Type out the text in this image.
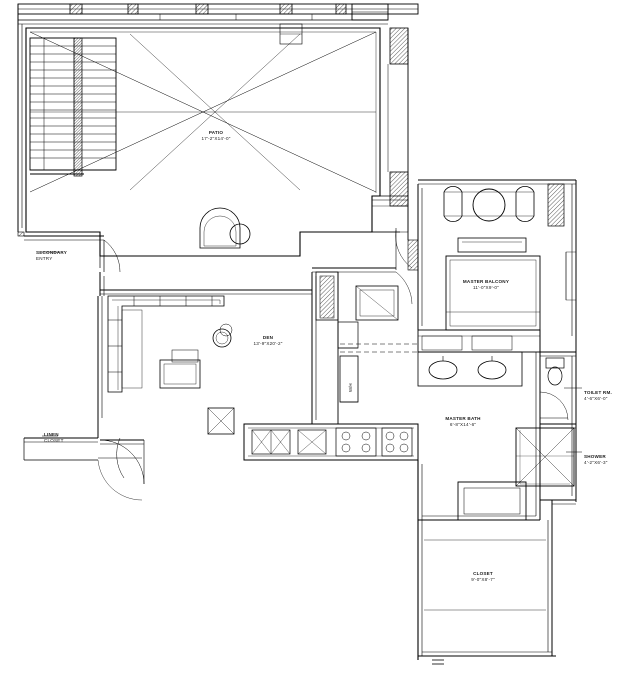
PATIO
17'-2"X14'-0"
DEN
13'-9"X20'-2"
MASTER BALCONY
11'-0"X9'-0"
MASTER BATH
6'-8"X14'-6"
CLOSET
9'-0"X8'-7"
TOILET RM.
4'-6"X6'-0"
SHOWER
4'-2"X6'-3"
LINEN
CLOSET
SECONDARY
ENTRY
W/H
